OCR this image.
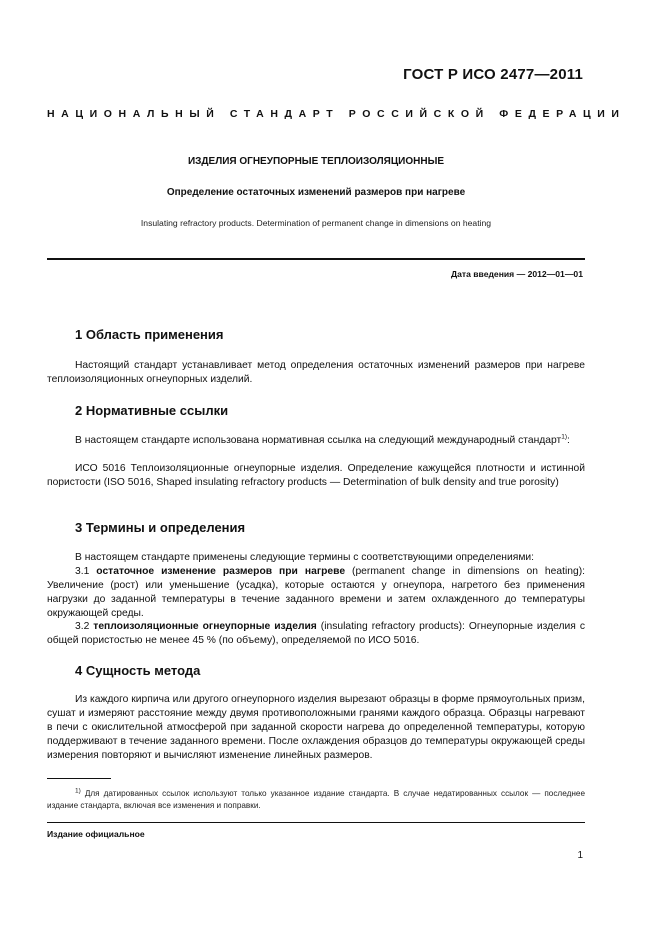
ГОСТ Р ИСО 2477—2011
НАЦИОНАЛЬНЫЙ СТАНДАРТ РОССИЙСКОЙ ФЕДЕРАЦИИ
ИЗДЕЛИЯ ОГНЕУПОРНЫЕ ТЕПЛОИЗОЛЯЦИОННЫЕ
Определение остаточных изменений размеров при нагреве
Insulating refractory products. Determination of permanent change in dimensions on heating
Дата введения — 2012—01—01
1 Область применения
Настоящий стандарт устанавливает метод определения остаточных изменений размеров при нагреве теплоизоляционных огнеупорных изделий.
2 Нормативные ссылки
В настоящем стандарте использована нормативная ссылка на следующий международный стандарт$^{1)}$:
ИСО 5016 Теплоизоляционные огнеупорные изделия. Определение кажущейся плотности и истинной пористости (ISO 5016, Shaped insulating refractory products — Determination of bulk density and true porosity)
3 Термины и определения
В настоящем стандарте применены следующие термины с соответствующими определениями:
3.1 остаточное изменение размеров при нагреве (permanent change in dimensions on heating): Увеличение (рост) или уменьшение (усадка), которые остаются у огнеупора, нагретого без применения нагрузки до заданной температуры в течение заданного времени и затем охлажденного до температуры окружающей среды.
3.2 теплоизоляционные огнеупорные изделия (insulating refractory products): Огнеупорные изделия с общей пористостью не менее 45 % (по объему), определяемой по ИСО 5016.
4 Сущность метода
Из каждого кирпича или другого огнеупорного изделия вырезают образцы в форме прямоугольных призм, сушат и измеряют расстояние между двумя противоположными гранями каждого образца. Образцы нагревают в печи с окислительной атмосферой при заданной скорости нагрева до определенной температуры, которую поддерживают в течение заданного времени. После охлаждения образцов до температуры окружающей среды измерения повторяют и вычисляют изменение линейных размеров.
$^{1)}$ Для датированных ссылок используют только указанное издание стандарта. В случае недатированных ссылок — последнее издание стандарта, включая все изменения и поправки.
Издание официальное
1
